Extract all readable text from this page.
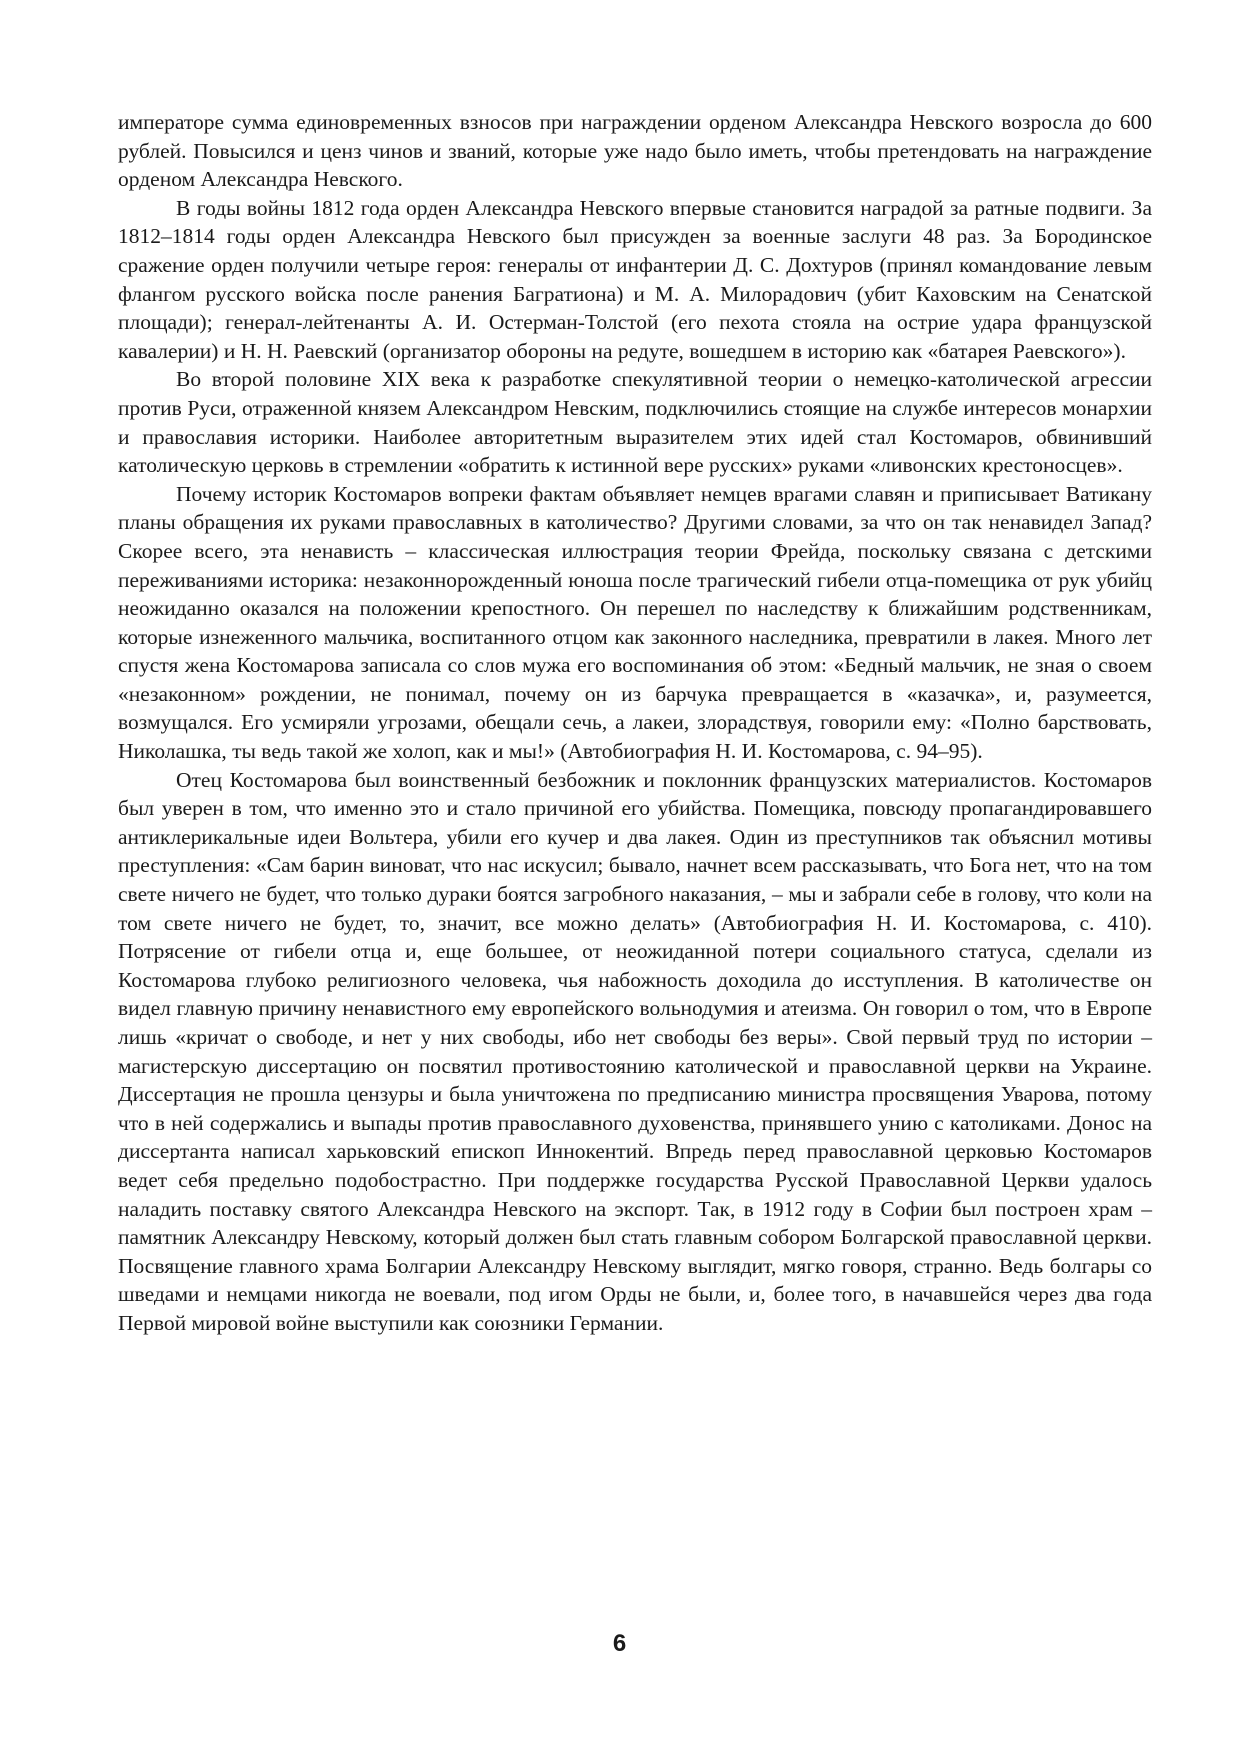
императоре сумма единовременных взносов при награждении орденом Александра Невского возросла до 600 рублей. Повысился и ценз чинов и званий, которые уже надо было иметь, чтобы претендовать на награждение орденом Александра Невского.

В годы войны 1812 года орден Александра Невского впервые становится наградой за ратные подвиги. За 1812–1814 годы орден Александра Невского был присужден за военные заслуги 48 раз. За Бородинское сражение орден получили четыре героя: генералы от инфантерии Д. С. Дохтуров (принял командование левым флангом русского войска после ранения Багратиона) и М. А. Милорадович (убит Каховским на Сенатской площади); генерал-лейтенанты А. И. Остерман-Толстой (его пехота стояла на острие удара французской кавалерии) и Н. Н. Раевский (организатор обороны на редуте, вошедшем в историю как «батарея Раевского»).

Во второй половине XIX века к разработке спекулятивной теории о немецко-католической агрессии против Руси, отраженной князем Александром Невским, подключились стоящие на службе интересов монархии и православия историки. Наиболее авторитетным выразителем этих идей стал Костомаров, обвинивший католическую церковь в стремлении «обратить к истинной вере русских» руками «ливонских крестоносцев».

Почему историк Костомаров вопреки фактам объявляет немцев врагами славян и приписывает Ватикану планы обращения их руками православных в католичество? Другими словами, за что он так ненавидел Запад? Скорее всего, эта ненависть – классическая иллюстрация теории Фрейда, поскольку связана с детскими переживаниями историка: незаконнорожденный юноша после трагический гибели отца-помещика от рук убийц неожиданно оказался на положении крепостного. Он перешел по наследству к ближайшим родственникам, которые изнеженного мальчика, воспитанного отцом как законного наследника, превратили в лакея. Много лет спустя жена Костомарова записала со слов мужа его воспоминания об этом: «Бедный мальчик, не зная о своем «незаконном» рождении, не понимал, почему он из барчука превращается в «казачка», и, разумеется, возмущался. Его усмиряли угрозами, обещали сечь, а лакеи, злорадствуя, говорили ему: «Полно барствовать, Николашка, ты ведь такой же холоп, как и мы!» (Автобиография Н. И. Костомарова, с. 94–95).

Отец Костомарова был воинственный безбожник и поклонник французских материалистов. Костомаров был уверен в том, что именно это и стало причиной его убийства. Помещика, повсюду пропагандировавшего антиклерикальные идеи Вольтера, убили его кучер и два лакея. Один из преступников так объяснил мотивы преступления: «Сам барин виноват, что нас искусил; бывало, начнет всем рассказывать, что Бога нет, что на том свете ничего не будет, что только дураки боятся загробного наказания, – мы и забрали себе в голову, что коли на том свете ничего не будет, то, значит, все можно делать» (Автобиография Н. И. Костомарова, с. 410). Потрясение от гибели отца и, еще большее, от неожиданной потери социального статуса, сделали из Костомарова глубоко религиозного человека, чья набожность доходила до исступления. В католичестве он видел главную причину ненавистного ему европейского вольнодумия и атеизма. Он говорил о том, что в Европе лишь «кричат о свободе, и нет у них свободы, ибо нет свободы без веры». Свой первый труд по истории – магистерскую диссертацию он посвятил противостоянию католической и православной церкви на Украине. Диссертация не прошла цензуры и была уничтожена по предписанию министра просвящения Уварова, потому что в ней содержались и выпады против православного духовенства, принявшего унию с католиками. Донос на диссертанта написал харьковский епископ Иннокентий. Впредь перед православной церковью Костомаров ведет себя предельно подобострастно. При поддержке государства Русской Православной Церкви удалось наладить поставку святого Александра Невского на экспорт. Так, в 1912 году в Софии был построен храм – памятник Александру Невскому, который должен был стать главным собором Болгарской православной церкви. Посвящение главного храма Болгарии Александру Невскому выглядит, мягко говоря, странно. Ведь болгары со шведами и немцами никогда не воевали, под игом Орды не были, и, более того, в начавшейся через два года Первой мировой войне выступили как союзники Германии.

6
